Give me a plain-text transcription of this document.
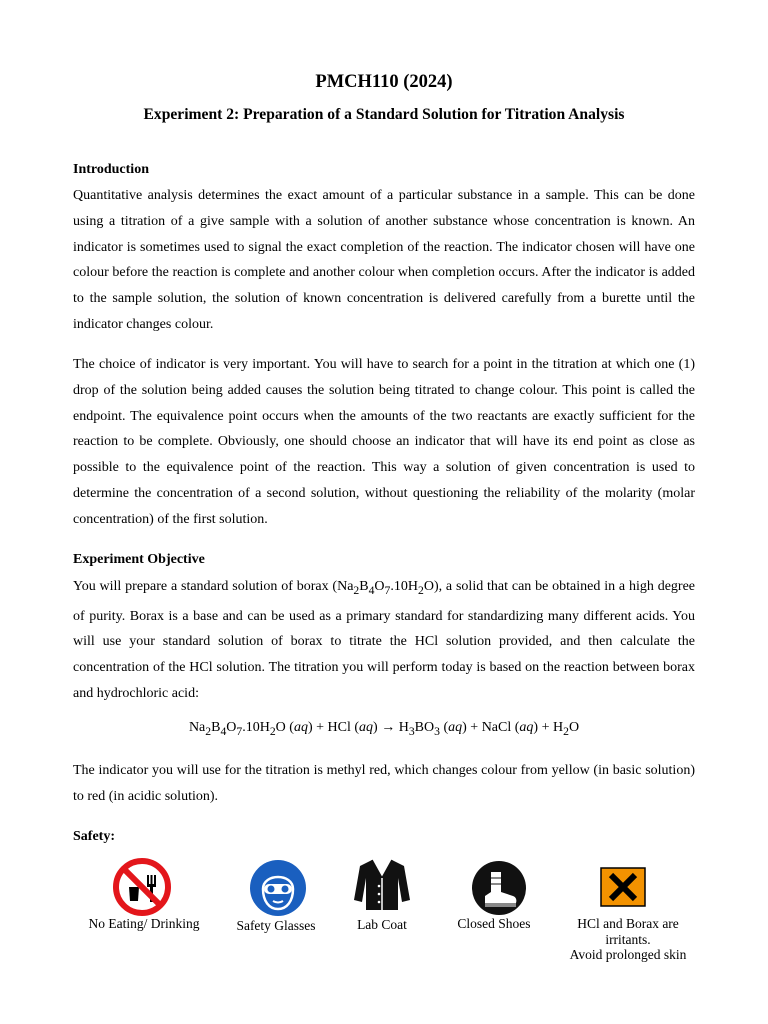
PMCH110 (2024)
Experiment 2: Preparation of a Standard Solution for Titration Analysis
Introduction

Quantitative analysis determines the exact amount of a particular substance in a sample. This can be done using a titration of a give sample with a solution of another substance whose concentration is known. An indicator is sometimes used to signal the exact completion of the reaction. The indicator chosen will have one colour before the reaction is complete and another colour when completion occurs. After the indicator is added to the sample solution, the solution of known concentration is delivered carefully from a burette until the indicator changes colour.

The choice of indicator is very important. You will have to search for a point in the titration at which one (1) drop of the solution being added causes the solution being titrated to change colour. This point is called the endpoint. The equivalence point occurs when the amounts of the two reactants are exactly sufficient for the reaction to be complete. Obviously, one should choose an indicator that will have its end point as close as possible to the equivalence point of the reaction. This way a solution of given concentration is used to determine the concentration of a second solution, without questioning the reliability of the molarity (molar concentration) of the first solution.

Experiment Objective

You will prepare a standard solution of borax $(Na_2B_4O_7.10H_2O)$, a solid that can be obtained in a high degree of purity. Borax is a base and can be used as a primary standard for standardizing many different acids. You will use your standard solution of borax to titrate the HCl solution provided, and then calculate the concentration of the HCl solution. The titration you will perform today is based on the reaction between borax and hydrochloric acid:

$Na_2B_4O_7.10H_2O$ (aq) + HCl $(aq) \to H_3BO_3$ (aq) + NaCl $(aq) + H_2O$

The indicator you will use for the titration is methyl red, which changes colour from yellow (in basic solution) to red (in acidic solution).

Safety:
No Eating/ Drinking	Safety Glasses	Lab Coat	Closed Shoes	HCl and Borax are
irritants.
Avoid prolonged skin
